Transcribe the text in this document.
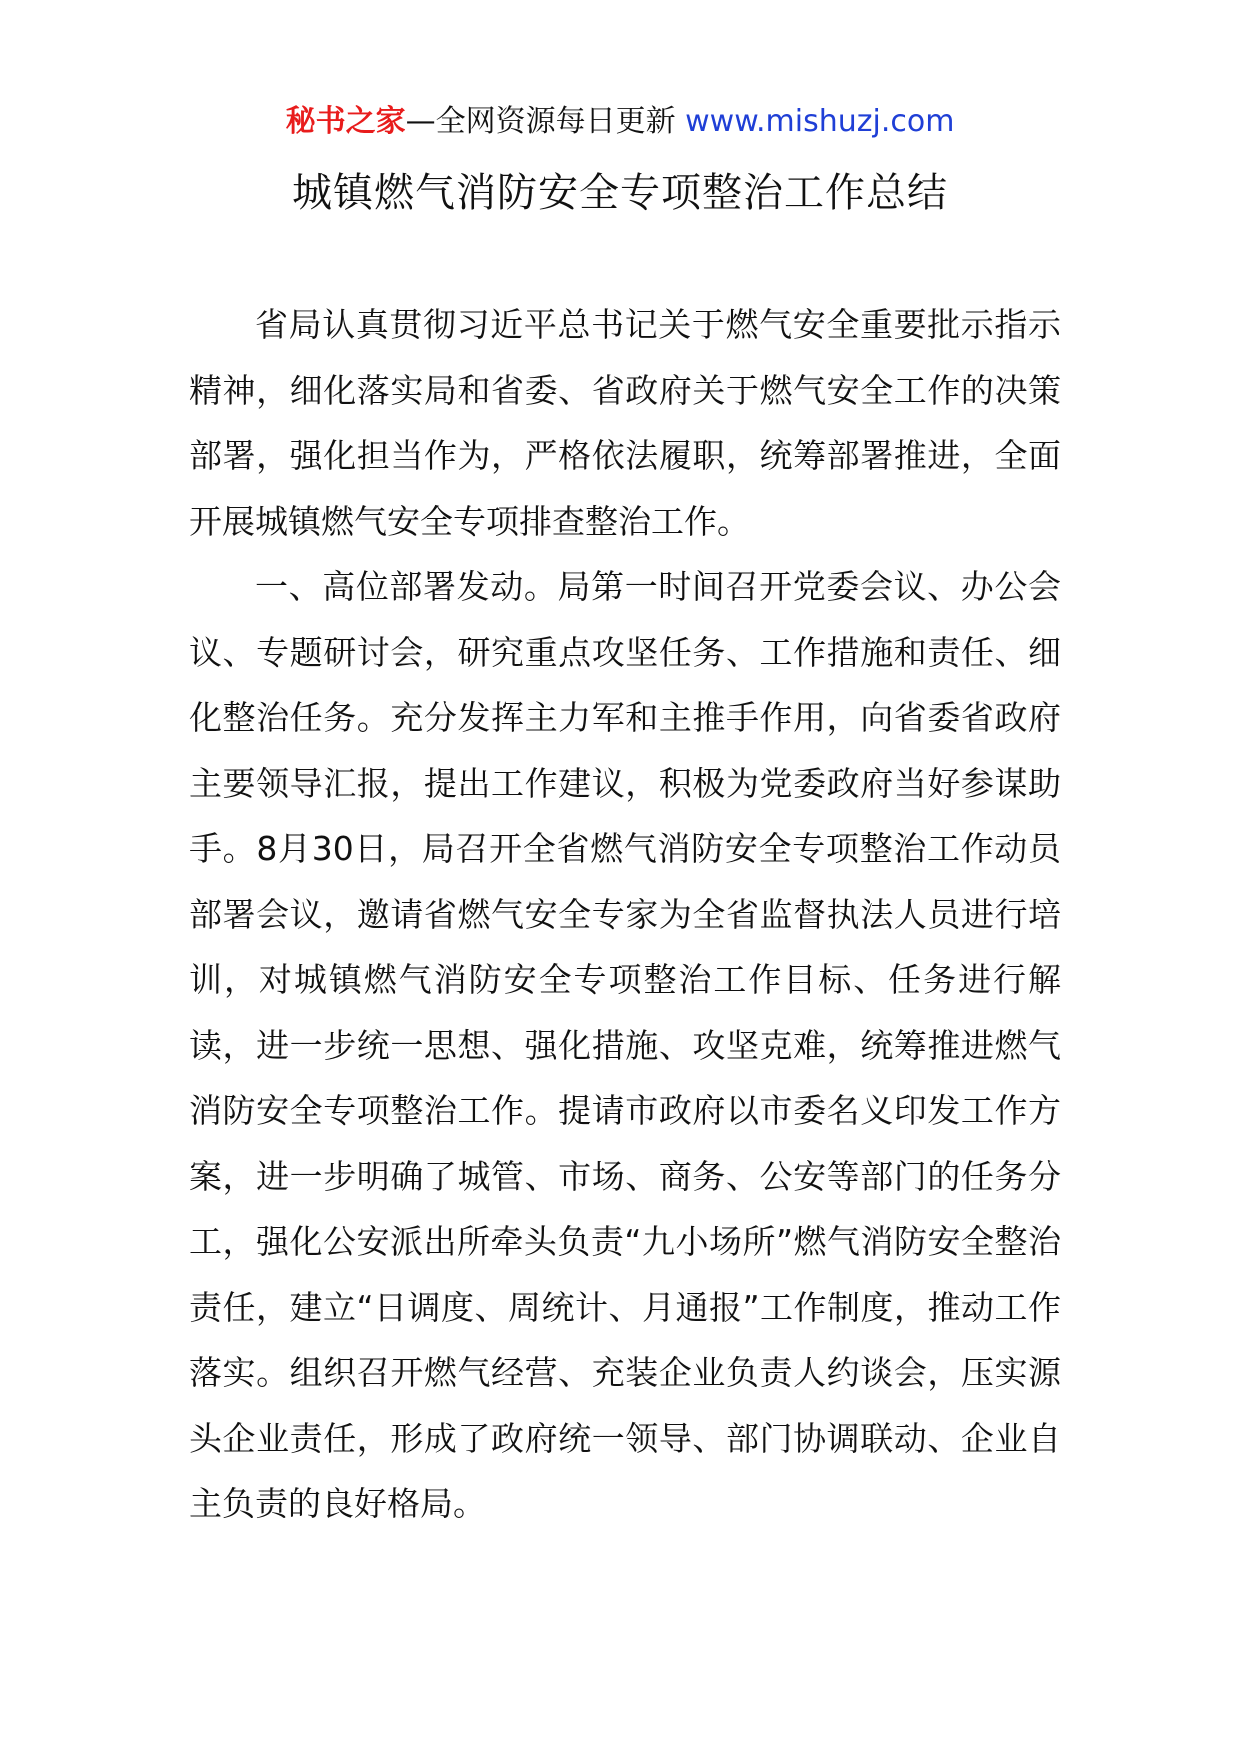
秘书之家—全网资源每日更新 www.mishuzj.com
城镇燃气消防安全专项整治工作总结

省局认真贯彻习近平总书记关于燃气安全重要批示指示精神，细化落实局和省委、省政府关于燃气安全工作的决策部署，强化担当作为，严格依法履职，统筹部署推进，全面开展城镇燃气安全专项排查整治工作。

一、高位部署发动。局第一时间召开党委会议、办公会议、专题研讨会，研究重点攻坚任务、工作措施和责任、细化整治任务。充分发挥主力军和主推手作用，向省委省政府主要领导汇报，提出工作建议，积极为党委政府当好参谋助手。8月30日，局召开全省燃气消防安全专项整治工作动员部署会议，邀请省燃气安全专家为全省监督执法人员进行培训，对城镇燃气消防安全专项整治工作目标、任务进行解读，进一步统一思想、强化措施、攻坚克难，统筹推进燃气消防安全专项整治工作。提请市政府以市委名义印发工作方案，进一步明确了城管、市场、商务、公安等部门的任务分工，强化公安派出所牵头负责“九小场所”燃气消防安全整治责任，建立“日调度、周统计、月通报”工作制度，推动工作落实。组织召开燃气经营、充装企业负责人约谈会，压实源头企业责任，形成了政府统一领导、部门协调联动、企业自主负责的良好格局。
